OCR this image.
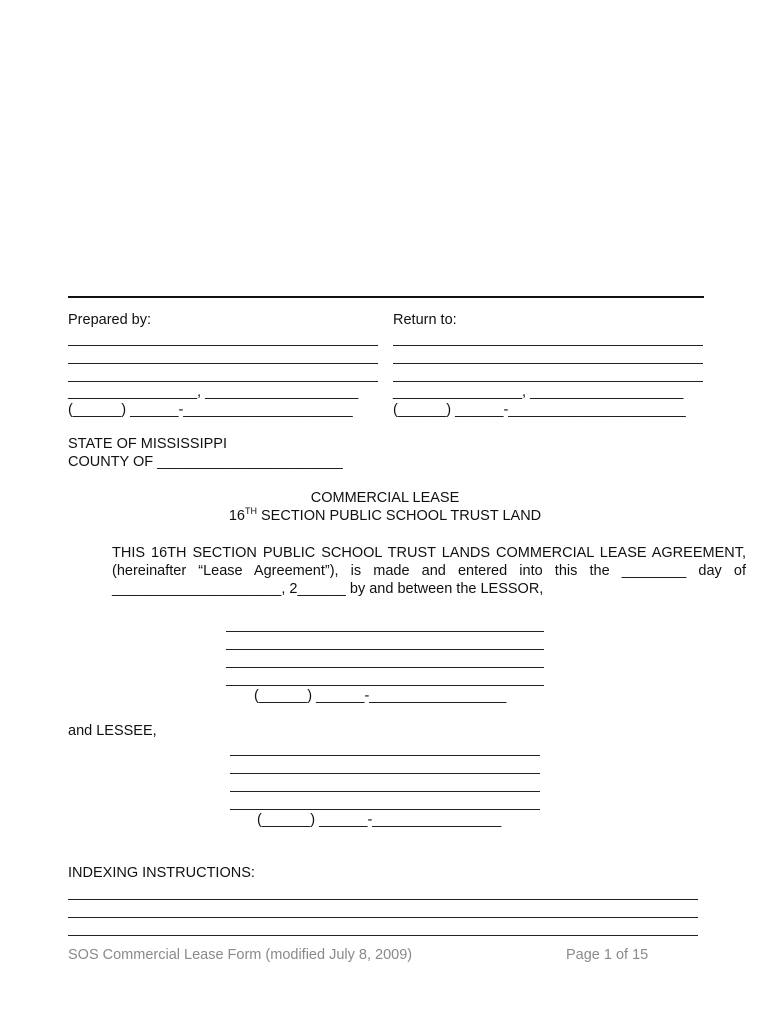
Prepared by:
________________, ___________________
(______) ______-_____________________
Return to:
________________, ___________________
(______) ______-______________________
STATE OF MISSISSIPPI
COUNTY OF _______________________
COMMERCIAL LEASE
16TH SECTION PUBLIC SCHOOL TRUST LAND
THIS 16TH SECTION PUBLIC SCHOOL TRUST LANDS COMMERCIAL LEASE AGREEMENT, (hereinafter “Lease Agreement”), is made and entered into this the ________ day of _____________________, 2______ by and between the LESSOR,
(______) ______-_________________
and LESSEE,
(______) ______-________________
INDEXING INSTRUCTIONS:
SOS Commercial Lease Form (modified July 8, 2009)	Page 1 of 15
